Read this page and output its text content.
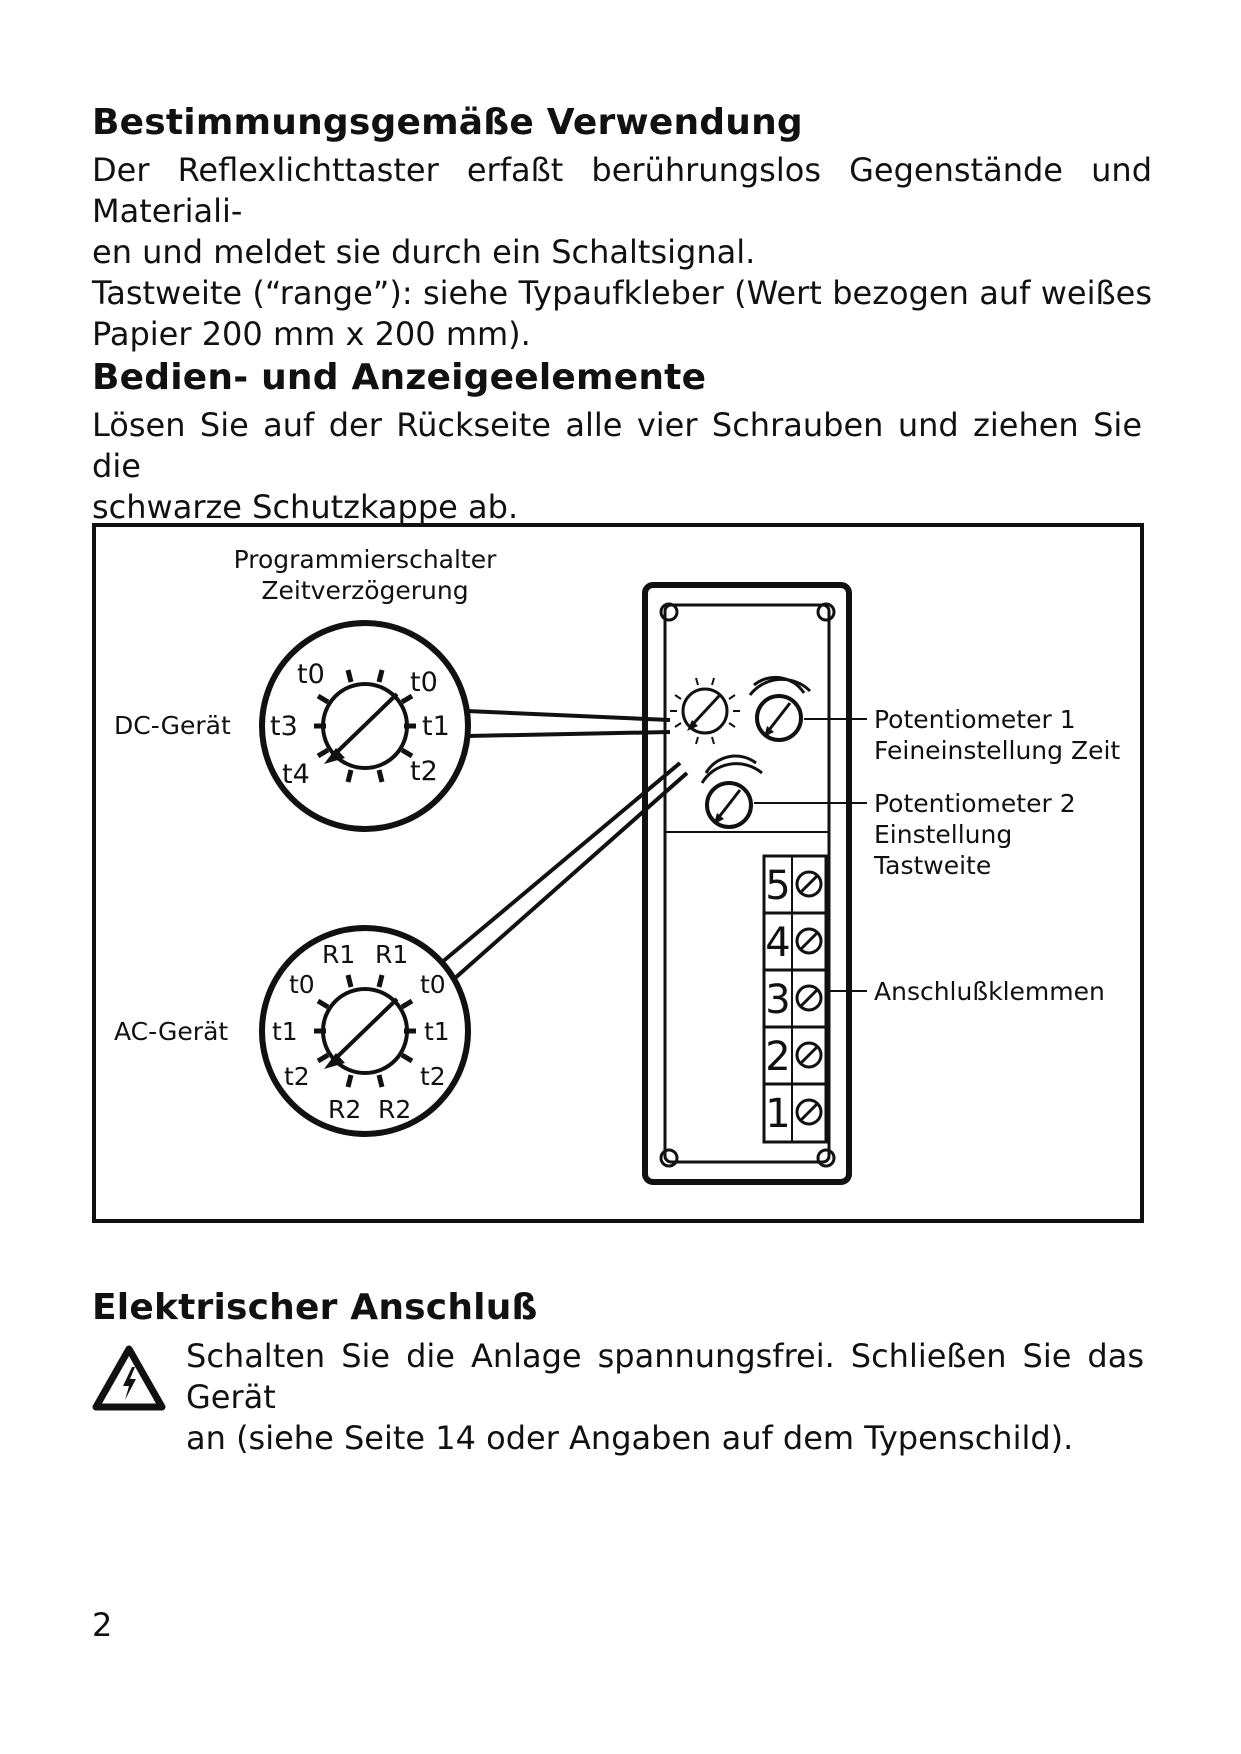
Bestimmungsgemäße Verwendung

Der Reflexlichttaster erfaßt berührungslos Gegenstände und Materiali-
en und meldet sie durch ein Schaltsignal.
Tastweite (“range”): siehe Typaufkleber (Wert bezogen auf weißes
Papier 200 mm x 200 mm).

Bedien- und Anzeigeelemente

Lösen Sie auf der Rückseite alle vier Schrauben und ziehen Sie die
schwarze Schutzkappe ab.

Programmierschalter
Zeitverzögerung
t0	t0
t3	t1
t4	t2
DC-Gerät
R1 R1
t0	t0
t1	t1
t2	t2
R2 R2
AC-Gerät
Potentiometer 1
Feineinstellung Zeit
Potentiometer 2
Einstellung
Tastweite
5
4
3
2
1
Anschlußklemmen
Elektrischer Anschluß

Schalten Sie die Anlage spannungsfrei. Schließen Sie das Gerät
an (siehe Seite 14 oder Angaben auf dem Typenschild).

2
